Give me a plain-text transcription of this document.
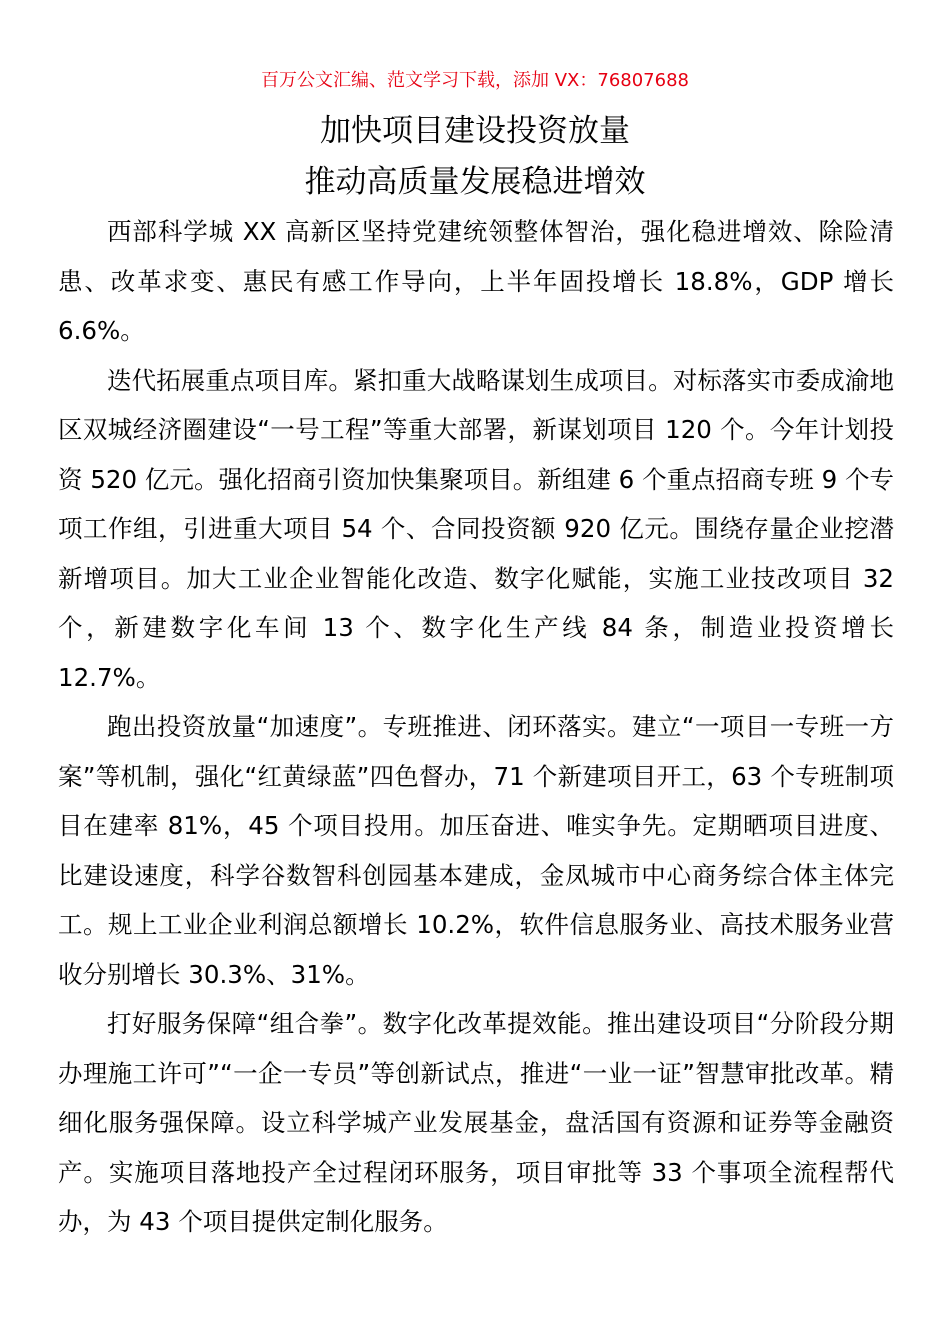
百万公文汇编、范文学习下载，添加 VX：76807688
加快项目建设投资放量
推动高质量发展稳进增效

西部科学城 XX 高新区坚持党建统领整体智治，强化稳进增效、除险清患、改革求变、惠民有感工作导向，上半年固投增长 18.8%，GDP 增长 6.6%。

迭代拓展重点项目库。紧扣重大战略谋划生成项目。对标落实市委成渝地区双城经济圈建设“一号工程”等重大部署，新谋划项目 120 个。今年计划投资 520 亿元。强化招商引资加快集聚项目。新组建 6 个重点招商专班 9 个专项工作组，引进重大项目 54 个、合同投资额 920 亿元。围绕存量企业挖潜新增项目。加大工业企业智能化改造、数字化赋能，实施工业技改项目 32 个，新建数字化车间 13 个、数字化生产线 84 条，制造业投资增长 12.7%。

跑出投资放量“加速度”。专班推进、闭环落实。建立“一项目一专班一方案”等机制，强化“红黄绿蓝”四色督办，71 个新建项目开工，63 个专班制项目在建率 81%，45 个项目投用。加压奋进、唯实争先。定期晒项目进度、比建设速度，科学谷数智科创园基本建成，金凤城市中心商务综合体主体完工。规上工业企业利润总额增长 10.2%，软件信息服务业、高技术服务业营收分别增长 30.3%、31%。

打好服务保障“组合拳”。数字化改革提效能。推出建设项目“分阶段分期办理施工许可”“一企一专员”等创新试点，推进“一业一证”智慧审批改革。精细化服务强保障。设立科学城产业发展基金，盘活国有资源和证券等金融资产。实施项目落地投产全过程闭环服务，项目审批等 33 个事项全流程帮代办，为 43 个项目提供定制化服务。
